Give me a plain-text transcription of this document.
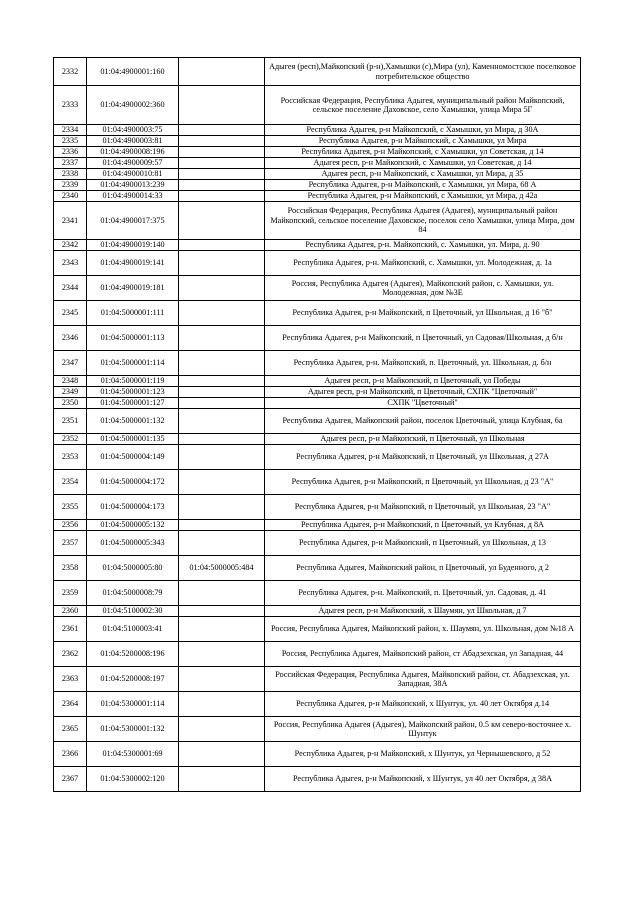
2332	01:04:4900001:160		Адыгея (респ),Майкопский (р-н),Хамышки (с),Мира (ул), Каменномостское поселковое потребительское общество
2333	01:04:4900002:360		Российская Федерация, Республика Адыгея, муниципальный район Майкопский, сельское поселение Даховское, село Хамышки, улица Мира 5Г
2334	01:04:4900003:75		Республика Адыгея, р-н Майкопский, с Хамышки, ул Мира, д 30А
2335	01:04:4900003:81		Республика Адыгея, р-н Майкопский, с Хамышки, ул Мира
2336	01:04:4900008:196		Республика Адыгея, р-н Майкопский, с Хамышки, ул Советская, д 14
2337	01:04:4900009:57		Адыгея респ, р-н Майкопский, с Хамышки, ул Советская, д 14
2338	01:04:4900010:81		Адыгея респ, р-н Майкопский, с Хамышки, ул Мира, д 35
2339	01:04:4900013:239		Республика Адыгея, р-н Майкопский, с Хамышки, ул Мира, 68 А
2340	01:04:4900014:33		Республика Адыгея, р-н Майкопский, с Хамышки, ул Мира, д 42а
2341	01:04:4900017:375		Российская Федерация, Республика Адыгея (Адыгея), муниципальный район Майкопский, сельское поселение Даховское, поселок село Хамышки, улица Мира, дом 84
2342	01:04:4900019:140		Республика Адыгея, р-н. Майкопский, с. Хамышки, ул. Мира, д. 90
2343	01:04:4900019:141		Республика Адыгея, р-н. Майкопский, с. Хамышки, ул. Молодежная, д. 1а
2344	01:04:4900019:181		Россия, Республика Адыгея (Адыгея), Майкопский район, с. Хамышки, ул. Молодежная, дом №3Е
2345	01:04:5000001:111		Республика Адыгея, р-н Майкопский, п Цветочный, ул Школьная, д 16 "б"
2346	01:04:5000001:113		Республика Адыгея, р-н Майкопский, п Цветочный, ул Садовая/Школьная, д б/н
2347	01:04:5000001:114		Республика Адыгея, р-н. Майкопский, п. Цветочный, ул. Школьная, д. б/н
2348	01:04:5000001:119		Адыгея респ, р-н Майкопский, п Цветочный, ул Победы
2349	01:04:5000001:123		Адыгея респ, р-н Майкопский, п Цветочный, СХПК "Цветочный"
2350	01:04:5000001:127		СХПК "Цветочный"
2351	01:04:5000001:132		Республика Адыгея, Майкопский район, поселок Цветочный, улица Клубная, 6а
2352	01:04:5000001:135		Адыгея респ, р-н Майкопский, п Цветочный, ул Школьная
2353	01:04:5000004:149		Республика Адыгея, р-н Майкопский, п Цветочный, ул Школьная, д 27А
2354	01:04:5000004:172		Республика Адыгея, р-н Майкопский, п Цветочный, ул Школьная, д 23 "А"
2355	01:04:5000004:173		Республика Адыгея, р-н Майкопский, п Цветочный, ул Школьная, 23 "А"
2356	01:04:5000005:132		Республика Адыгея, р-н Майкопский, п Цветочный, ул Клубная, д 8А
2357	01:04:5000005:343		Республика Адыгея, р-н Майкопский, п Цветочный, ул Школьная, д 13
2358	01:04:5000005:80	01:04:5000005:484	Республика Адыгея, Майкопский район, п Цветочный, ул Буденного, д 2
2359	01:04:5000008:79		Республика Адыгея, р-н. Майкопский, п. Цветочный, ул. Садовая, д. 41
2360	01:04:5100002:30		Адыгея респ, р-н Майкопский, х Шаумян, ул Школьная, д 7
2361	01:04:5100003:41		Россия, Республика Адыгея, Майкопский район, х. Шаумян, ул. Школьная, дом №18 А
2362	01:04:5200008:196		Россия, Республика Адыгея, Майкопский район, ст Абадзехская, ул Западная, 44
2363	01:04:5200008:197		Российская Федерация, Республика Адыгея, Майкопский район, ст. Абадзехская, ул. Западная, 38А
2364	01:04:5300001:114		Республика Адыгея, р-н Майкопский, х Шунтук, ул. 40 лет Октября д.14
2365	01:04:5300001:132		Россия, Республика Адыгея (Адыгея), Майкопский район, 0.5 км северо-восточнее х. Шунтук
2366	01:04:5300001:69		Республика Адыгея, р-н Майкопский, х Шунтук, ул Чернышевского, д 52
2367	01:04:5300002:120		Республика Адыгея, р-н Майкопский, х Шунтук, ул 40 лет Октября, д 38А
